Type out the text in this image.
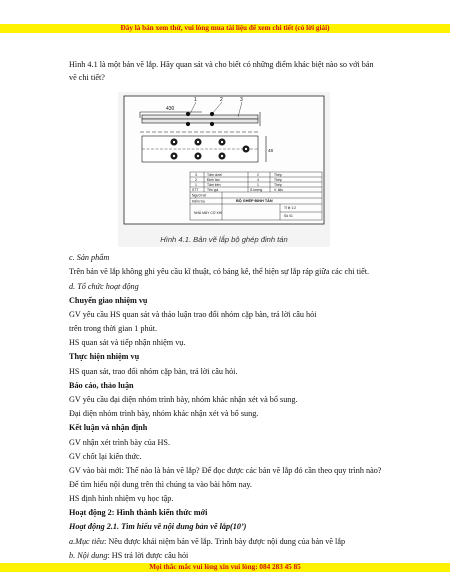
Đây là bản xem thử, vui lòng mua tài liệu để xem chi tiết (có lời giải)
Hình 4.1 là một bản vẽ lắp. Hãy quan sát và cho biết có những điểm khác biệt nào so với bản
vẽ chi tiết?
430
1	2	3
48
3	Tấm dưới	2	Thép
2	Đinh tán	4	Thép
1	Tấm trên	1	Thép
STT	Tên gọi	S.lượng	V. liệu
Người vẽ
Kiểm tra	BỘ GHÉP ĐINH TÁN
NHÀ MÁY CƠ KHÍ
Tỉ lệ 1:2
Số 01
Hình 4.1. Bản vẽ lắp bộ ghép đinh tán
c. Sản phẩm
Trên bản vẽ lắp không ghi yêu cầu kĩ thuật, có bảng kê, thể hiện sự lắp ráp giữa các chi tiết.
d. Tổ chức hoạt động
Chuyển giao nhiệm vụ
GV yêu cầu HS quan sát và thảo luận trao đổi nhóm cặp bàn, trả lời câu hỏi
trên trong thời gian 1 phút.
HS quan sát và tiếp nhận nhiệm vụ.
Thực hiện nhiệm vụ
HS quan sát, trao đổi nhóm cặp bàn, trả lời câu hỏi.
Báo cáo, thảo luận
GV yêu cầu đại diện nhóm trình bày, nhóm khác nhận xét và bổ sung.
Đại diện nhóm trình bày, nhóm khác nhận xét và bổ sung.
Kết luận và nhận định
GV nhận xét trình bày của HS.
GV chốt lại kiến thức.
GV vào bài mới: Thế nào là bản vẽ lắp? Để đọc được các bản vẽ lắp đó cần theo quy trình nào?
Để tìm hiểu nội dung trên thì chúng ta vào bài hôm nay.
HS định hình nhiệm vụ học tập.
Hoạt động 2: Hình thành kiến thức mới
Hoạt động 2.1. Tìm hiểu về nội dung bản vẽ lắp(10’)
a.Mục tiêu: Nêu được khái niệm bản vẽ lắp. Trình bày được nội dung của bản vẽ lắp
b. Nội dung: HS trả lời được câu hỏi
Mọi thắc mắc vui lòng xin vui lòng: 084 283 45 85
